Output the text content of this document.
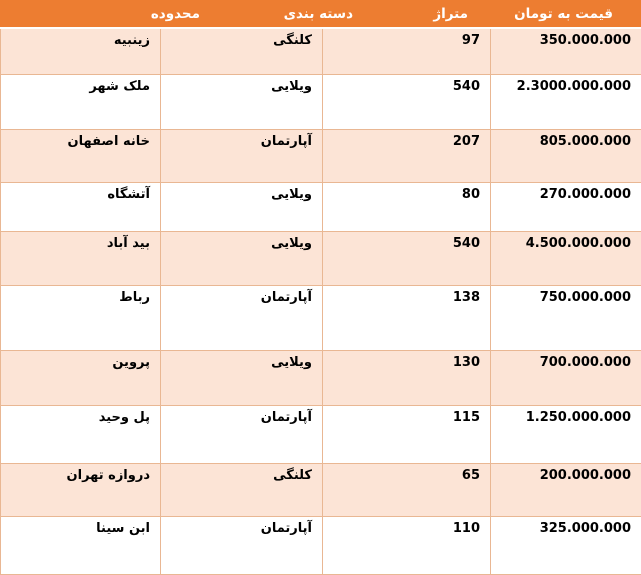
قیمت به تومان
متراژ
دسته بندی
محدوده
350.000.000
97
کلنگی
زینبیه
2.3000.000.000
540
ویلایی
ملک شهر
805.000.000
207
آپارتمان
خانه اصفهان
270.000.000
80
ویلایی
آتشگاه
4.500.000.000
540
ویلایی
بید آباد
750.000.000
138
آپارتمان
رباط
700.000.000
130
ویلایی
پروین
1.250.000.000
115
آپارتمان
پل وحید
200.000.000
65
کلنگی
دروازه تهران
325.000.000
110
آپارتمان
ابن سینا
